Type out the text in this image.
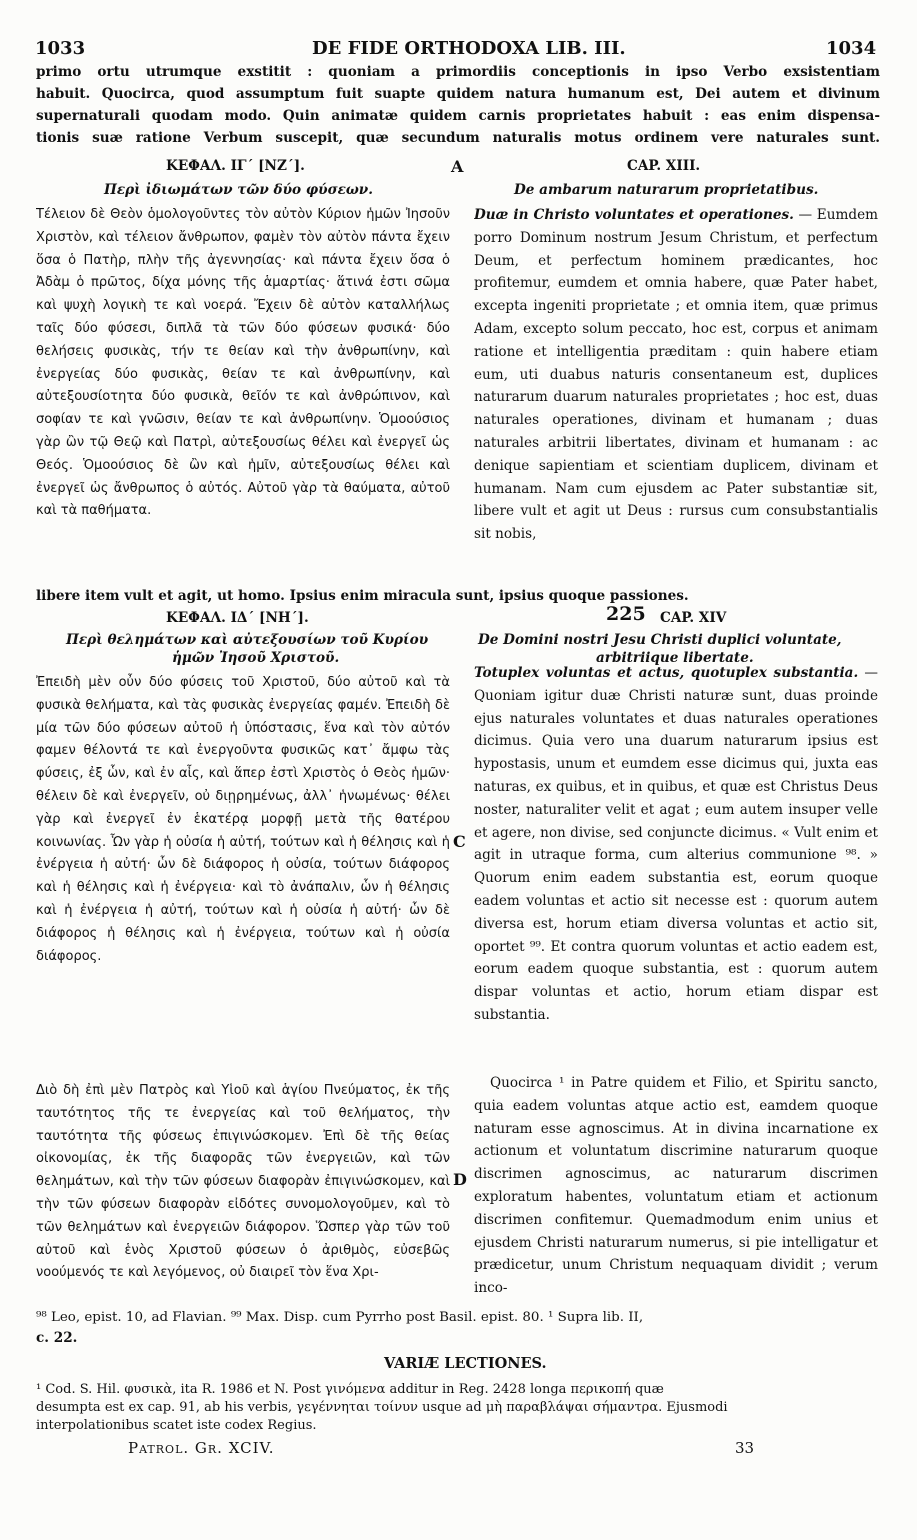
1033	DE FIDE ORTHODOXA LIB. III.	1034
primo ortu utrumque exstitit : quoniam a primordiis conceptionis in ipso Verbo exsistentiam
habuit. Quocirca, quod assumptum fuit suapte quidem natura humanum est, Dei autem et divinum
supernaturali quodam modo. Quin animatæ quidem carnis proprietates habuit : eas enim dispensa-
tionis suæ ratione Verbum suscepit, quæ secundum naturalis motus ordinem vere naturales sunt.
ΚΕΦΑΛ. ΙΓ΄ [ΝΖ΄].	A	CAP. XIII.
Περὶ ἰδιωμάτων τῶν δύο φύσεων.	De ambarum naturarum proprietatibus.

Τέλειον δὲ Θεὸν ὁμολογοῦντες τὸν αὐτὸν Κύριον ἡμῶν Ἰησοῦν Χριστὸν, καὶ τέλειον ἄνθρωπον, φαμὲν τὸν αὐτὸν πάντα ἔχειν ὅσα ὁ Πατὴρ, πλὴν τῆς ἀγεννησίας· καὶ πάντα ἔχειν ὅσα ὁ Ἀδὰμ ὁ πρῶτος, δίχα μόνης τῆς ἁμαρτίας· ἅτινά ἐστι σῶμα καὶ ψυχὴ λογικὴ τε καὶ νοερά. Ἔχειν δὲ αὐτὸν καταλλήλως ταῖς δύο φύσεσι, διπλᾶ τὰ τῶν δύο φύσεων φυσικά· δύο θελήσεις φυσικὰς, τήν τε θείαν καὶ τὴν ἀνθρωπίνην, καὶ ἐνεργείας δύο φυσικὰς, θείαν τε καὶ ἀνθρωπίνην, καὶ αὐτεξουσίοτητα δύο φυσικὰ, θεῖόν τε καὶ ἀνθρώπινον, καὶ σοφίαν τε καὶ γνῶσιν, θείαν τε καὶ ἀνθρωπίνην. Ὁμοούσιος γὰρ ὢν τῷ Θεῷ καὶ Πατρὶ, αὐτεξουσίως θέλει καὶ ἐνεργεῖ ὡς Θεός. Ὁμοούσιος δὲ ὢν καὶ ἡμῖν, αὐτεξουσίως θέλει καὶ ἐνεργεῖ ὡς ἄνθρωπος ὁ αὐτός. Αὐτοῦ γὰρ τὰ θαύματα, αὐτοῦ καὶ τὰ παθήματα.

Duæ in Christo voluntates et operationes. — Eumdem porro Dominum nostrum Jesum Christum, et perfectum Deum, et perfectum hominem prædicantes, hoc profitemur, eumdem et omnia habere, quæ Pater habet, excepta ingeniti proprietate ; et omnia item, quæ primus Adam, excepto solum peccato, hoc est, corpus et animam ratione et intelligentia præditam : quin habere etiam eum, uti duabus naturis consentaneum est, duplices naturarum duarum naturales proprietates ; hoc est, duas naturales operationes, divinam et humanam ; duas naturales arbitrii libertates, divinam et humanam : ac denique sapientiam et scientiam duplicem, divinam et humanam. Nam cum ejusdem ac Pater substantiæ sit, libere vult et agit ut Deus : rursus cum consubstantialis sit nobis,

libere item vult et agit, ut homo. Ipsius enim miracula sunt, ipsius quoque passiones.
ΚΕΦΑΛ. ΙΔ΄ [ΝΗ΄].	225 CAP. XIV
Περὶ θελημάτων καὶ αὐτεξουσίων τοῦ Κυρίου	De Domini nostri Jesu Christi duplici voluntate,
ἡμῶν Ἰησοῦ Χριστοῦ.	arbitriique libertate.

Ἐπειδὴ μὲν οὖν δύο φύσεις τοῦ Χριστοῦ, δύο αὐτοῦ καὶ τὰ φυσικὰ θελήματα, καὶ τὰς φυσικὰς ἐνεργείας φαμέν. Ἐπειδὴ δὲ μία τῶν δύο φύσεων αὐτοῦ ἡ ὑπόστασις, ἕνα καὶ τὸν αὐτόν φαμεν θέλοντά τε καὶ ἐνεργοῦντα φυσικῶς κατ᾽ ἄμφω τὰς φύσεις, ἐξ ὧν, καὶ ἐν αἷς, καὶ ἅπερ ἐστὶ Χριστὸς ὁ Θεὸς ἡμῶν· θέλειν δὲ καὶ ἐνεργεῖν, οὐ διῃρημένως, ἀλλ᾽ ἡνωμένως· θέλει γὰρ καὶ ἐνεργεῖ ἐν ἑκατέρᾳ μορφῇ μετὰ τῆς θατέρου κοινωνίας. Ὧν γὰρ ἡ οὐσία ἡ αὐτή, τούτων καὶ ἡ θέλησις καὶ ἡ ἐνέργεια ἡ αὐτή· ὧν δὲ διάφορος ἡ οὐσία, τούτων διάφορος καὶ ἡ θέλησις καὶ ἡ ἐνέργεια· καὶ τὸ ἀνάπαλιν, ὧν ἡ θέλησις καὶ ἡ ἐνέργεια ἡ αὐτή, τούτων καὶ ἡ οὐσία ἡ αὐτή· ὧν δὲ διάφορος ἡ θέλησις καὶ ἡ ἐνέργεια, τούτων καὶ ἡ οὐσία διάφορος.

Διὸ δὴ ἐπὶ μὲν Πατρὸς καὶ Υἱοῦ καὶ ἁγίου Πνεύματος, ἐκ τῆς ταυτότητος τῆς τε ἐνεργείας καὶ τοῦ θελήματος, τὴν ταυτότητα τῆς φύσεως ἐπιγινώσκομεν. Ἐπὶ δὲ τῆς θείας οἰκονομίας, ἐκ τῆς διαφορᾶς τῶν ἐνεργειῶν, καὶ τῶν θελημάτων, καὶ τὴν τῶν φύσεων διαφορὰν ἐπιγινώσκομεν, καὶ τὴν τῶν φύσεων διαφορὰν εἰδότες συνομολογοῦμεν, καὶ τὸ τῶν θελημάτων καὶ ἐνεργειῶν διάφορον. Ὥσπερ γὰρ τῶν τοῦ αὐτοῦ καὶ ἑνὸς Χριστοῦ φύσεων ὁ ἀριθμὸς, εὐσεβῶς νοούμενός τε καὶ λεγόμενος, οὐ διαιρεῖ τὸν ἕνα Χρι-

C
D

Totuplex voluntas et actus, quotuplex substantia. — Quoniam igitur duæ Christi naturæ sunt, duas proinde ejus naturales voluntates et duas naturales operationes dicimus. Quia vero una duarum naturarum ipsius est hypostasis, unum et eumdem esse dicimus qui, juxta eas naturas, ex quibus, et in quibus, et quæ est Christus Deus noster, naturaliter velit et agat ; eum autem insuper velle et agere, non divise, sed conjuncte dicimus. « Vult enim et agit in utraque forma, cum alterius communione ⁹⁸. » Quorum enim eadem substantia est, eorum quoque eadem voluntas et actio sit necesse est : quorum autem diversa est, horum etiam diversa voluntas et actio sit, oportet ⁹⁹. Et contra quorum voluntas et actio eadem est, eorum eadem quoque substantia, est : quorum autem dispar voluntas et actio, horum etiam dispar est substantia.

Quocirca ¹ in Patre quidem et Filio, et Spiritu sancto, quia eadem voluntas atque actio est, eamdem quoque naturam esse agnoscimus. At in divina incarnatione ex actionum et voluntatum discrimine naturarum quoque discrimen agnoscimus, ac naturarum discrimen exploratum habentes, voluntatum etiam et actionum discrimen confitemur. Quemadmodum enim unius et ejusdem Christi naturarum numerus, si pie intelligatur et prædicetur, unum Christum nequaquam dividit ; verum inco-

⁹⁸ Leo, epist. 10, ad Flavian. ⁹⁹ Max. Disp. cum Pyrrho post Basil. epist. 80. ¹ Supra lib. II,
c. 22.
VARIÆ LECTIONES.
¹ Cod. S. Hil. φυσικὰ, ita R. 1986 et N. Post γινόμενα additur in Reg. 2428 longa περικοπή quæ
desumpta est ex cap. 91, ab his verbis, γεγέννηται τοίνυν usque ad μὴ παραβλάψαι σήμαντρα. Ejusmodi
interpolationibus scatet iste codex Regius.
Patrol. Gr. XCIV.	33
